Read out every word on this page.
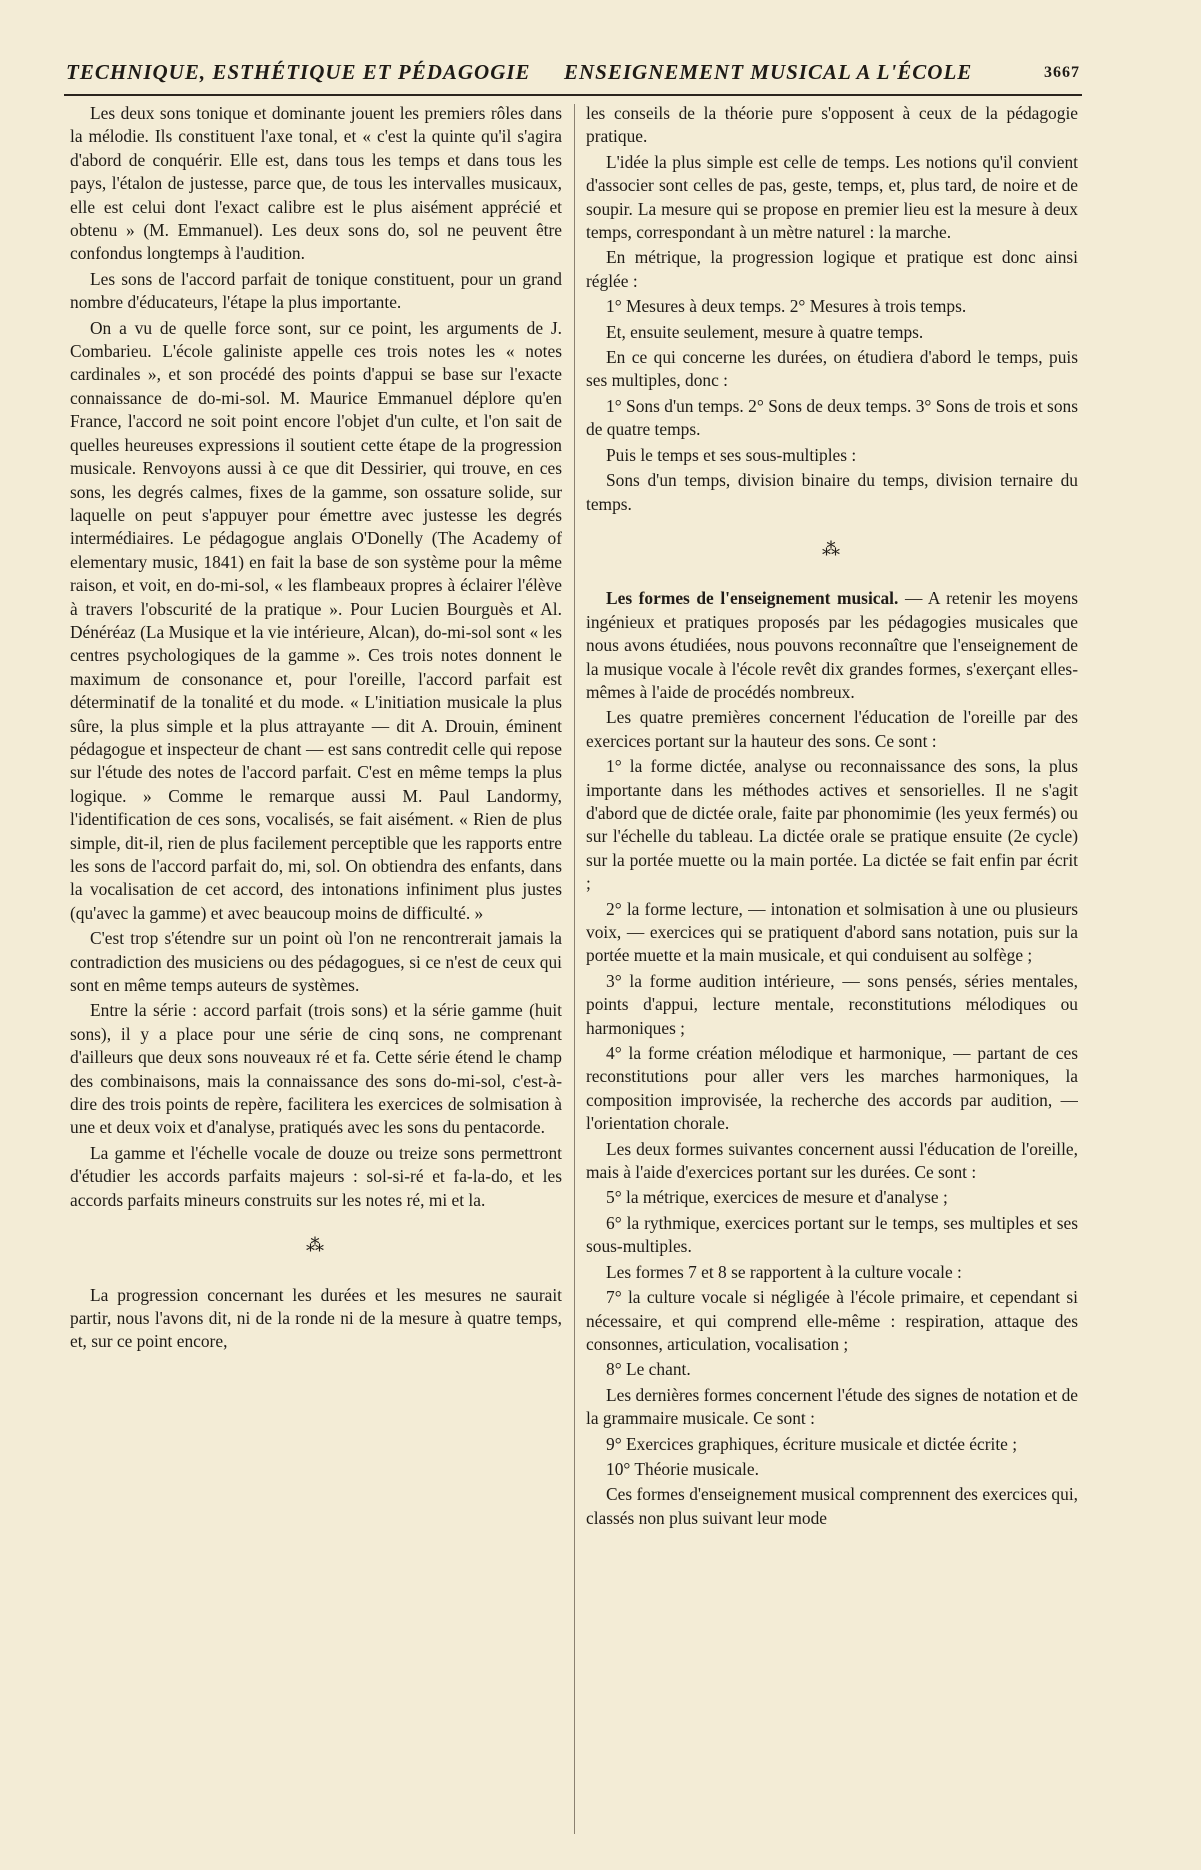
TECHNIQUE, ESTHÉTIQUE ET PÉDAGOGIE ENSEIGNEMENT MUSICAL A L'ÉCOLE	3667

Les deux sons tonique et dominante jouent les premiers rôles dans la mélodie. Ils constituent l'axe tonal, et « c'est la quinte qu'il s'agira d'abord de conquérir. Elle est, dans tous les temps et dans tous les pays, l'étalon de justesse, parce que, de tous les intervalles musicaux, elle est celui dont l'exact calibre est le plus aisément apprécié et obtenu » (M. Emmanuel). Les deux sons do, sol ne peuvent être confondus longtemps à l'audition.

Les sons de l'accord parfait de tonique constituent, pour un grand nombre d'éducateurs, l'étape la plus importante.

On a vu de quelle force sont, sur ce point, les arguments de J. Combarieu. L'école galiniste appelle ces trois notes les « notes cardinales », et son procédé des points d'appui se base sur l'exacte connaissance de do-mi-sol. M. Maurice Emmanuel déplore qu'en France, l'accord ne soit point encore l'objet d'un culte, et l'on sait de quelles heureuses expressions il soutient cette étape de la progression musicale. Renvoyons aussi à ce que dit Dessirier, qui trouve, en ces sons, les degrés calmes, fixes de la gamme, son ossature solide, sur laquelle on peut s'appuyer pour émettre avec justesse les degrés intermédiaires. Le pédagogue anglais O'Donelly (The Academy of elementary music, 1841) en fait la base de son système pour la même raison, et voit, en do-mi-sol, « les flambeaux propres à éclairer l'élève à travers l'obscurité de la pratique ». Pour Lucien Bourguès et Al. Dénéréaz (La Musique et la vie intérieure, Alcan), do-mi-sol sont « les centres psychologiques de la gamme ». Ces trois notes donnent le maximum de consonance et, pour l'oreille, l'accord parfait est déterminatif de la tonalité et du mode. « L'initiation musicale la plus sûre, la plus simple et la plus attrayante — dit A. Drouin, éminent pédagogue et inspecteur de chant — est sans contredit celle qui repose sur l'étude des notes de l'accord parfait. C'est en même temps la plus logique. » Comme le remarque aussi M. Paul Landormy, l'identification de ces sons, vocalisés, se fait aisément. « Rien de plus simple, dit-il, rien de plus facilement perceptible que les rapports entre les sons de l'accord parfait do, mi, sol. On obtiendra des enfants, dans la vocalisation de cet accord, des intonations infiniment plus justes (qu'avec la gamme) et avec beaucoup moins de difficulté. »

C'est trop s'étendre sur un point où l'on ne rencontrerait jamais la contradiction des musiciens ou des pédagogues, si ce n'est de ceux qui sont en même temps auteurs de systèmes.

Entre la série : accord parfait (trois sons) et la série gamme (huit sons), il y a place pour une série de cinq sons, ne comprenant d'ailleurs que deux sons nouveaux ré et fa. Cette série étend le champ des combinaisons, mais la connaissance des sons do-mi-sol, c'est-à-dire des trois points de repère, facilitera les exercices de solmisation à une et deux voix et d'analyse, pratiqués avec les sons du pentacorde.

La gamme et l'échelle vocale de douze ou treize sons permettront d'étudier les accords parfaits majeurs : sol-si-ré et fa-la-do, et les accords parfaits mineurs construits sur les notes ré, mi et la.

⁂

La progression concernant les durées et les mesures ne saurait partir, nous l'avons dit, ni de la ronde ni de la mesure à quatre temps, et, sur ce point encore,

les conseils de la théorie pure s'opposent à ceux de la pédagogie pratique.

L'idée la plus simple est celle de temps. Les notions qu'il convient d'associer sont celles de pas, geste, temps, et, plus tard, de noire et de soupir. La mesure qui se propose en premier lieu est la mesure à deux temps, correspondant à un mètre naturel : la marche.

En métrique, la progression logique et pratique est donc ainsi réglée :

1° Mesures à deux temps. 2° Mesures à trois temps.

Et, ensuite seulement, mesure à quatre temps.

En ce qui concerne les durées, on étudiera d'abord le temps, puis ses multiples, donc :

1° Sons d'un temps. 2° Sons de deux temps. 3° Sons de trois et sons de quatre temps.

Puis le temps et ses sous-multiples :

Sons d'un temps, division binaire du temps, division ternaire du temps.

⁂

Les formes de l'enseignement musical. — A retenir les moyens ingénieux et pratiques proposés par les pédagogies musicales que nous avons étudiées, nous pouvons reconnaître que l'enseignement de la musique vocale à l'école revêt dix grandes formes, s'exerçant elles-mêmes à l'aide de procédés nombreux.

Les quatre premières concernent l'éducation de l'oreille par des exercices portant sur la hauteur des sons. Ce sont :

1° la forme dictée, analyse ou reconnaissance des sons, la plus importante dans les méthodes actives et sensorielles. Il ne s'agit d'abord que de dictée orale, faite par phonomimie (les yeux fermés) ou sur l'échelle du tableau. La dictée orale se pratique ensuite (2e cycle) sur la portée muette ou la main portée. La dictée se fait enfin par écrit ;

2° la forme lecture, — intonation et solmisation à une ou plusieurs voix, — exercices qui se pratiquent d'abord sans notation, puis sur la portée muette et la main musicale, et qui conduisent au solfège ;

3° la forme audition intérieure, — sons pensés, séries mentales, points d'appui, lecture mentale, reconstitutions mélodiques ou harmoniques ;

4° la forme création mélodique et harmonique, — partant de ces reconstitutions pour aller vers les marches harmoniques, la composition improvisée, la recherche des accords par audition, — l'orientation chorale.

Les deux formes suivantes concernent aussi l'éducation de l'oreille, mais à l'aide d'exercices portant sur les durées. Ce sont :

5° la métrique, exercices de mesure et d'analyse ;

6° la rythmique, exercices portant sur le temps, ses multiples et ses sous-multiples.

Les formes 7 et 8 se rapportent à la culture vocale :

7° la culture vocale si négligée à l'école primaire, et cependant si nécessaire, et qui comprend elle-même : respiration, attaque des consonnes, articulation, vocalisation ;

8° Le chant.

Les dernières formes concernent l'étude des signes de notation et de la grammaire musicale. Ce sont :

9° Exercices graphiques, écriture musicale et dictée écrite ;

10° Théorie musicale.

Ces formes d'enseignement musical comprennent des exercices qui, classés non plus suivant leur mode
